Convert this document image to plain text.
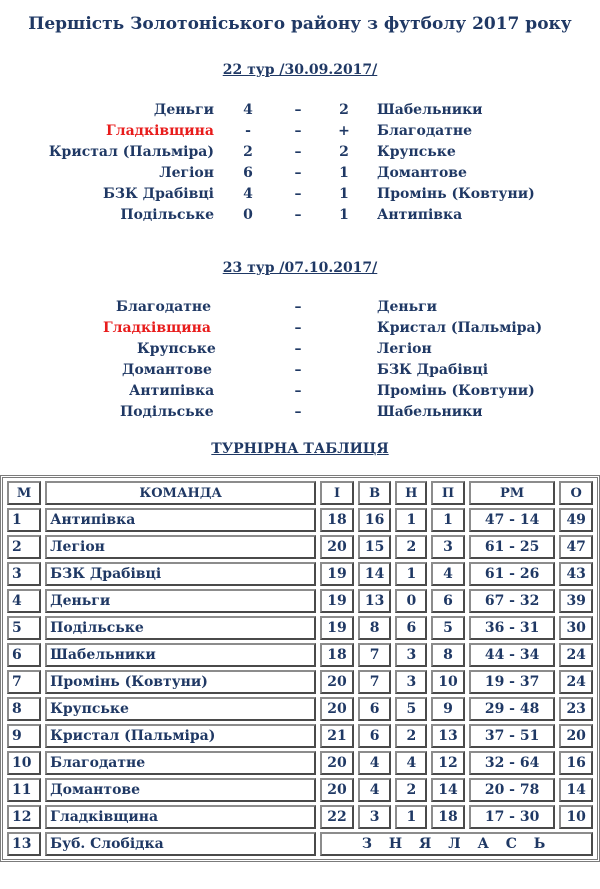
Першість Золотоніського району з футболу 2017 року
22 тур /30.09.2017/
Деньги	4	–	2	Шабельники
Гладківщина	-	–	+	Благодатне
Кристал (Пальміра)	2	–	2	Крупське
Легіон	6	–	1	Домантове
БЗК Драбівці	4	–	1	Промінь (Ковтуни)
Подільське	0	–	1	Антипівка
23 тур /07.10.2017/
Благодатне	–	Деньги
Гладківщина	–	Кристал (Пальміра)
Крупське	–	Легіон
Домантове	–	БЗК Драбівці
Антипівка	–	Промінь (Ковтуни)
Подільське	–	Шабельники
ТУРНІРНА ТАБЛИЦЯ
М	КОМАНДА	І	В	Н	П	РМ	О
1	Антипівка	18	16	1	1	47 - 14	49
2	Легіон	20	15	2	3	61 - 25	47
3	БЗК Драбівці	19	14	1	4	61 - 26	43
4	Деньги	19	13	0	6	67 - 32	39
5	Подільське	19	8	6	5	36 - 31	30
6	Шабельники	18	7	3	8	44 - 34	24
7	Промінь (Ковтуни)	20	7	3	10	19 - 37	24
8	Крупське	20	6	5	9	29 - 48	23
9	Кристал (Пальміра)	21	6	2	13	37 - 51	20
10	Благодатне	20	4	4	12	32 - 64	16
11	Домантове	20	4	2	14	20 - 78	14
12	Гладківщина	22	3	1	18	17 - 30	10
13	Буб. Слобідка	З Н Я Л А С Ь					
